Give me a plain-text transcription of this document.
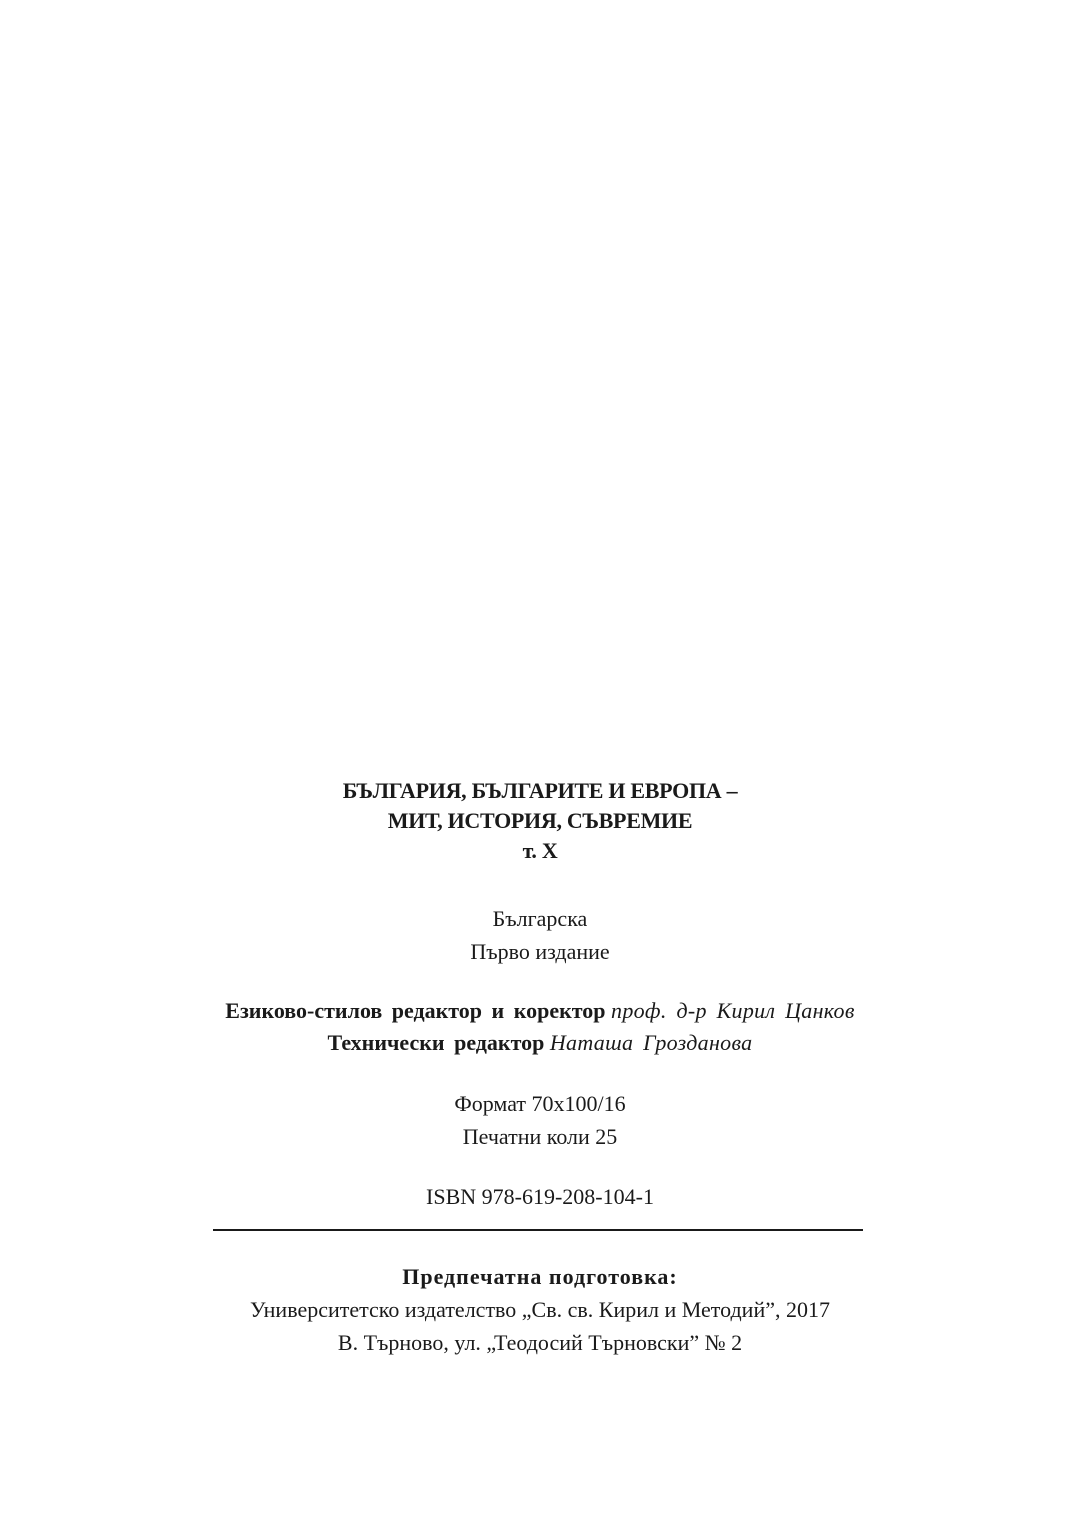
БЪЛГАРИЯ, БЪЛГАРИТЕ И ЕВРОПА –
МИТ, ИСТОРИЯ, СЪВРЕМИЕ
т. Х
Българска
Първо издание
Езиково-стилов редактор и коректор проф. д-р Кирил Цанков
Технически редактор Наташа Грозданова
Формат 70х100/16
Печатни коли 25
ISBN 978-619-208-104-1
Предпечатна подготовка:
Университетско издателство „Св. св. Кирил и Методий”, 2017
В. Търново, ул. „Теодосий Търновски” № 2
